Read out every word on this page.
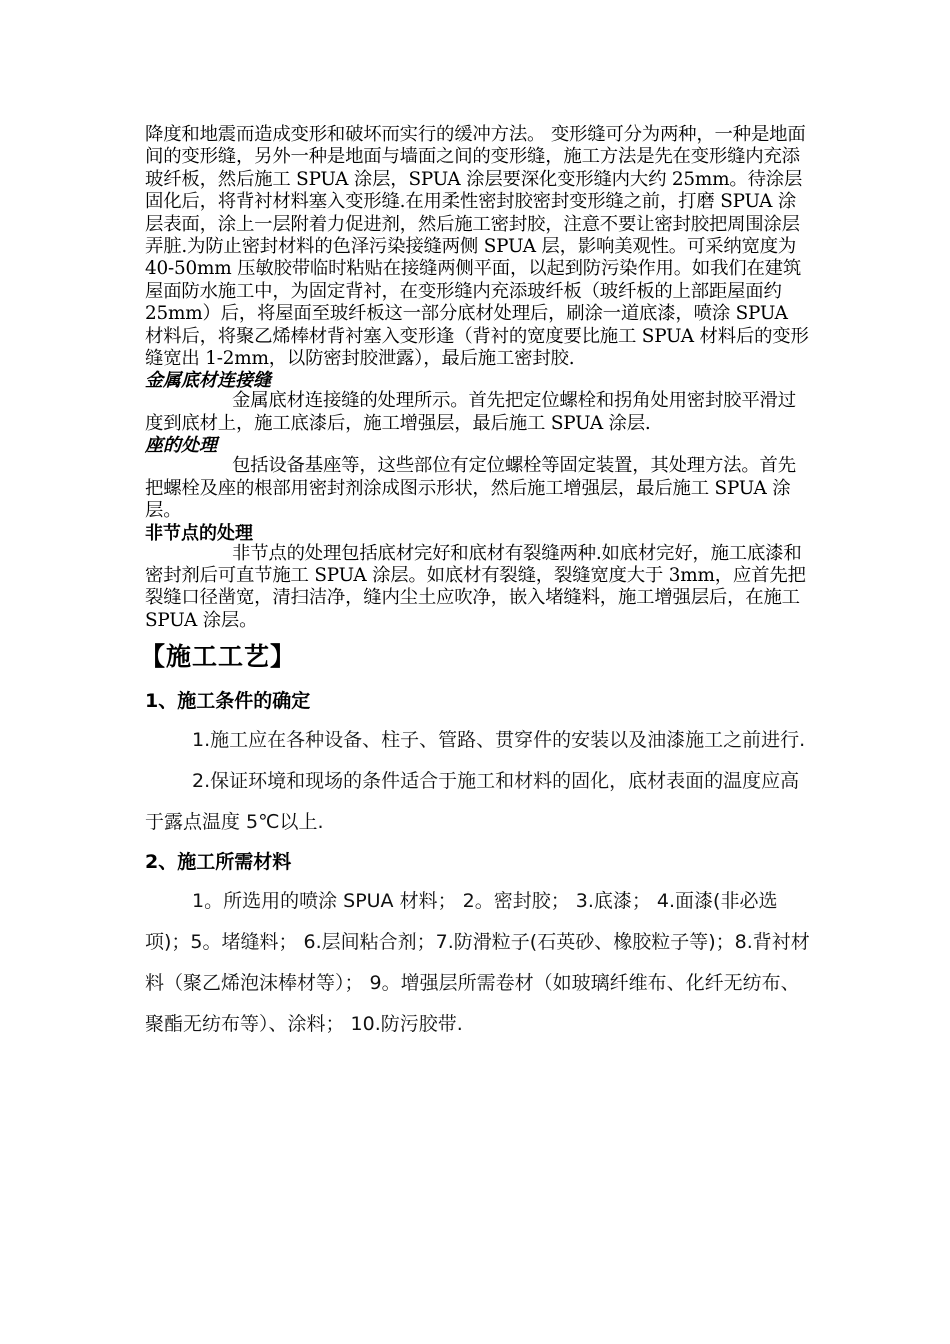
降度和地震而造成变形和破坏而实行的缓冲方法。 变形缝可分为两种，一种是地面间的变形缝，另外一种是地面与墙面之间的变形缝，施工方法是先在变形缝内充添玻纤板，然后施工 SPUA 涂层，SPUA 涂层要深化变形缝内大约 25mm。待涂层固化后，将背衬材料塞入变形缝.在用柔性密封胶密封变形缝之前，打磨 SPUA 涂层表面，涂上一层附着力促进剂，然后施工密封胶，注意不要让密封胶把周围涂层弄脏.为防止密封材料的色泽污染接缝两侧 SPUA 层，影响美观性。可采纳宽度为 40-50mm 压敏胶带临时粘贴在接缝两侧平面，以起到防污染作用。如我们在建筑屋面防水施工中，为固定背衬，在变形缝内充添玻纤板（玻纤板的上部距屋面约 25mm）后，将屋面至玻纤板这一部分底材处理后，刷涂一道底漆，喷涂 SPUA 材料后，将聚乙烯棒材背衬塞入变形逢（背衬的宽度要比施工 SPUA 材料后的变形缝宽出 1-2mm，以防密封胶泄露），最后施工密封胶.

金属底材连接缝

金属底材连接缝的处理所示。首先把定位螺栓和拐角处用密封胶平滑过度到底材上，施工底漆后，施工增强层，最后施工 SPUA 涂层.

座的处理

包括设备基座等，这些部位有定位螺栓等固定装置，其处理方法。首先把螺栓及座的根部用密封剂涂成图示形状，然后施工增强层，最后施工 SPUA 涂层。

非节点的处理

非节点的处理包括底材完好和底材有裂缝两种.如底材完好，施工底漆和密封剂后可直节施工 SPUA 涂层。如底材有裂缝，裂缝宽度大于 3mm，应首先把裂缝口径凿宽，清扫洁净，缝内尘土应吹净，嵌入堵缝料，施工增强层后，在施工 SPUA 涂层。

【施工工艺】

1、施工条件的确定

1.施工应在各种设备、柱子、管路、贯穿件的安装以及油漆施工之前进行.

2.保证环境和现场的条件适合于施工和材料的固化，底材表面的温度应高于露点温度 5℃以上.

2、施工所需材料

1。所选用的喷涂 SPUA 材料； 2。密封胶； 3.底漆； 4.面漆(非必选项)；5。堵缝料； 6.层间粘合剂；7.防滑粒子(石英砂、橡胶粒子等)；8.背衬材料（聚乙烯泡沫棒材等）； 9。增强层所需卷材（如玻璃纤维布、化纤无纺布、聚酯无纺布等）、涂料； 10.防污胶带.
